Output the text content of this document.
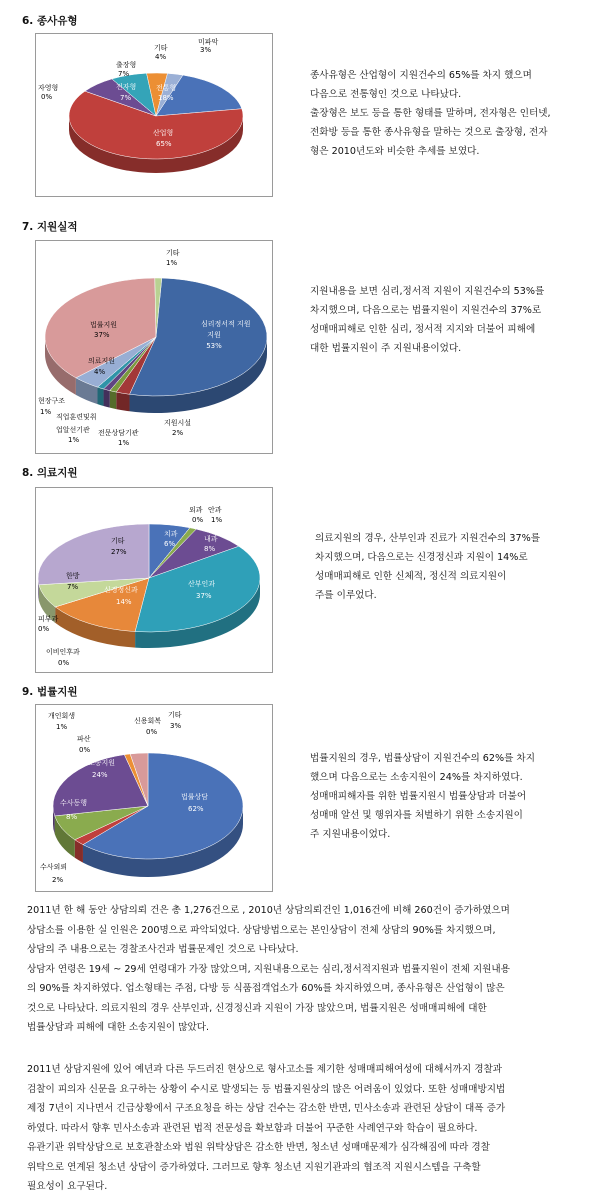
6. 종사유형
미파악
3%
기타
4%
출장형
7%
자영형
0%
전자형
7%
전통형
18%
산업형
65%

종사유형은 산업형이 지원건수의 65%를 차지 했으며

다음으로 전통형인 것으로 나타났다.

출장형은 보도 등을 통한 형태를 말하며, 전자형은 인터넷,

전화방 등을 통한 종사유형을 말하는 것으로 출장형, 전자

형은 2010년도와 비슷한 추세를 보였다.

7. 지원실적
기타
1%
심리정서적 지원
지원
53%
법률지원
37%
의료지원
4%
현장구조
1%
직업훈련및취
업알선기관
1%
전문상담기관
1%
지원시설
2%

지원내용을 보면 심리,정서적 지원이 지원건수의 53%를

차지했으며, 다음으로는 법률지원이 지원건수의 37%로

성매매피해로 인한 심리, 정서적 지지와 더불어 피해에

대한 법률지원이 주 지원내용이었다.

8. 의료지원
외과
0%
안과
1%
치과
6%
내과
8%
기타
27%
산부인과
37%
한방
7%	신경정신과
14%
피부과
0%
이비인후과
0%

의료지원의 경우, 산부인과 진료가 지원건수의 37%를

차지했으며, 다음으로는 신경정신과 지원이 14%로

성매매피해로 인한 신체적, 정신적 의료지원이

주를 이루었다.

9. 법률지원
개인회생
1%
신용회복
0%
기타
3%
파산
0%
소송지원
24%
수사동행
8%
법률상담
62%
수사외뢰
2%

법률지원의 경우, 법률상담이 지원건수의 62%를 차지

했으며 다음으로는 소송지원이 24%를 차지하였다.

성매매피해자를 위한 법률지원시 법률상담과 더불어

성매매 알선 및 행위자를 처벌하기 위한 소송지원이

주 지원내용이었다.

2011년 한 해 동안 상담의뢰 건은 총 1,276건으로 , 2010년 상담의뢰건인 1,016건에 비해 260건이 증가하였으며

상담소를 이용한 실 인원은 200명으로 파악되었다. 상담방법으로는 본인상담이 전체 상담의 90%를 차지했으며,

상담의 주 내용으로는 경찰조사건과 법률문제인 것으로 나타났다.

상담자 연령은 19세 ~ 29세 연령대가 가장 많았으며, 지원내용으로는 심리,정서적지원과 법률지원이 전체 지원내용

의 90%를 차지하였다. 업소형태는 주점, 다방 등 식품접객업소가 60%를 차지하였으며, 종사유형은 산업형이 많은

것으로 나타났다. 의료지원의 경우 산부인과, 신경정신과 지원이 가장 많았으며, 법률지원은 성매매피해에 대한

법률상담과 피해에 대한 소송지원이 많았다.

2011년 상담지원에 있어 예년과 다른 두드러진 현상으로 형사고소를 제기한 성매매피해여성에 대해서까지 경찰과

검찰이 피의자 신문을 요구하는 상황이 수시로 발생되는 등 법률지원상의 많은 어려움이 있었다. 또한 성매매방지법

제정 7년이 지나면서 긴급상황에서 구조요청을 하는 상담 건수는 감소한 반면, 민사소송과 관련된 상담이 대폭 증가

하였다. 따라서 향후 민사소송과 관련된 법적 전문성을 확보함과 더불어 꾸준한 사례연구와 학습이 필요하다.

유관기관 위탁상담으로 보호관찰소와 법원 위탁상담은 감소한 반면, 청소년 성매매문제가 심각해짐에 따라 경찰

위탁으로 연계된 청소년 상담이 증가하였다. 그러므로 향후 청소년 지원기관과의 협조적 지원시스템을 구축할

필요성이 요구된다.
